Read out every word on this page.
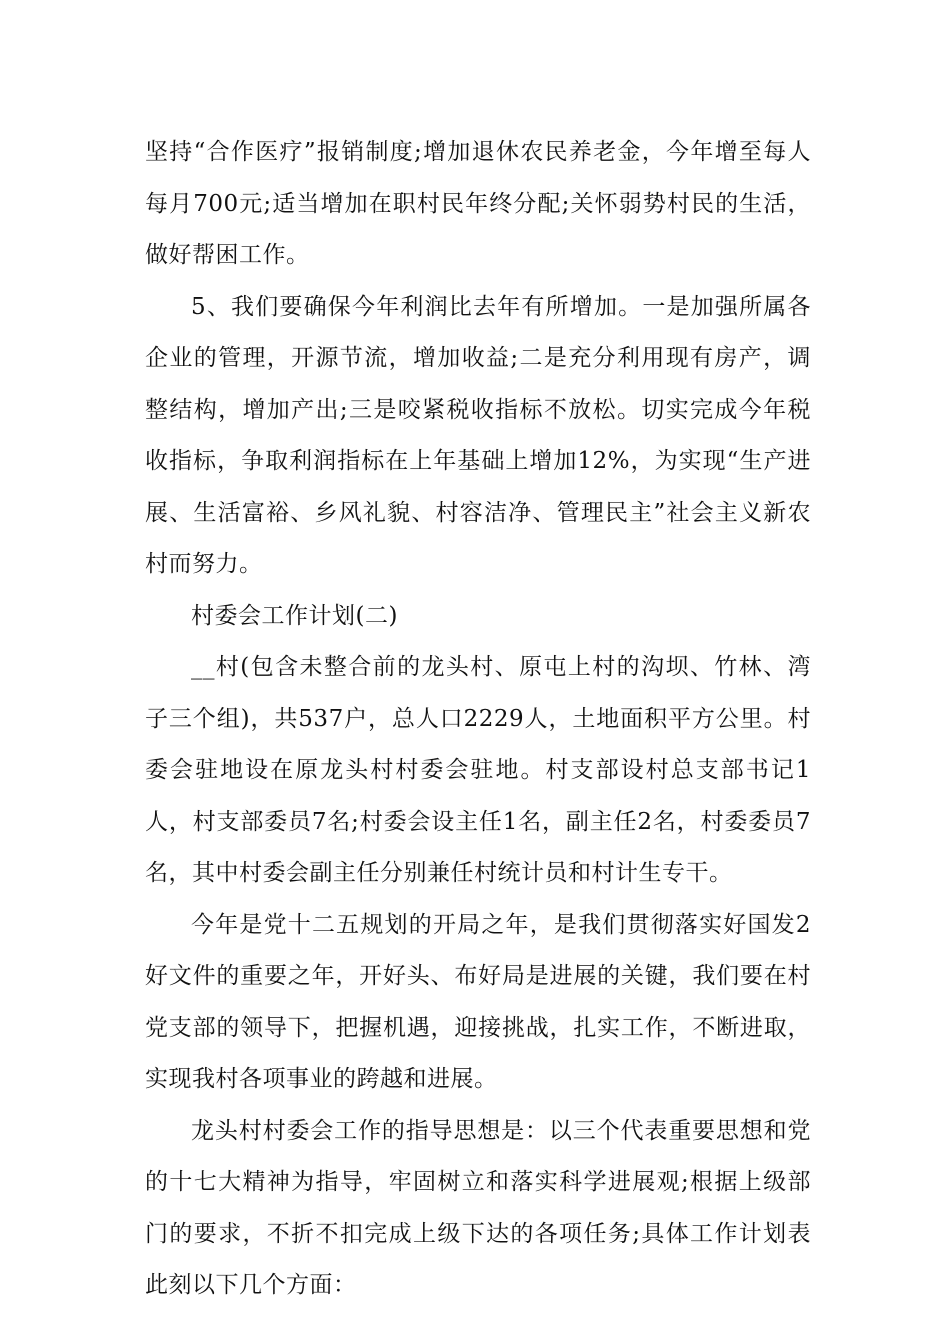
坚持“合作医疗”报销制度;增加退休农民养老金，今年增至每人每月700元;适当增加在职村民年终分配;关怀弱势村民的生活，做好帮困工作。

5、我们要确保今年利润比去年有所增加。一是加强所属各企业的管理，开源节流，增加收益;二是充分利用现有房产，调整结构，增加产出;三是咬紧税收指标不放松。切实完成今年税收指标，争取利润指标在上年基础上增加12%，为实现“生产进展、生活富裕、乡风礼貌、村容洁净、管理民主”社会主义新农村而努力。

村委会工作计划(二)

__村(包含未整合前的龙头村、原屯上村的沟坝、竹林、湾子三个组)，共537户，总人口2229人，土地面积平方公里。村委会驻地设在原龙头村村委会驻地。村支部设村总支部书记1人，村支部委员7名;村委会设主任1名，副主任2名，村委委员7名，其中村委会副主任分别兼任村统计员和村计生专干。

今年是党十二五规划的开局之年，是我们贯彻落实好国发2好文件的重要之年，开好头、布好局是进展的关键，我们要在村党支部的领导下，把握机遇，迎接挑战，扎实工作，不断进取，实现我村各项事业的跨越和进展。

龙头村村委会工作的指导思想是：以三个代表重要思想和党的十七大精神为指导，牢固树立和落实科学进展观;根据上级部门的要求，不折不扣完成上级下达的各项任务;具体工作计划表此刻以下几个方面：
